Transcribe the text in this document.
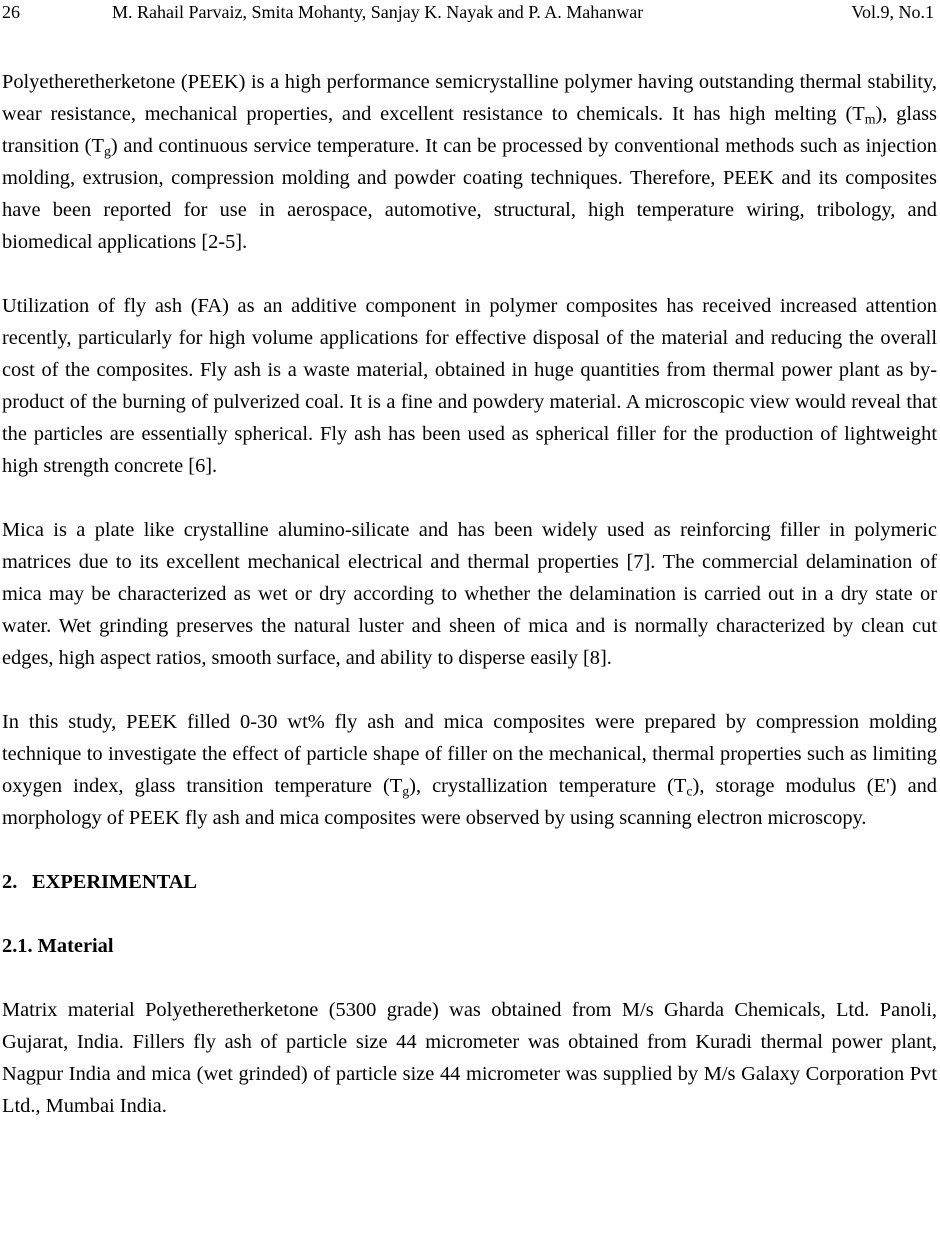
26	M. Rahail Parvaiz, Smita Mohanty, Sanjay K. Nayak and P. A. Mahanwar	Vol.9, No.1

Polyetheretherketone (PEEK) is a high performance semicrystalline polymer having outstanding thermal stability, wear resistance, mechanical properties, and excellent resistance to chemicals. It has high melting $(T_m)$, glass transition $(T_g)$ and continuous service temperature. It can be processed by conventional methods such as injection molding, extrusion, compression molding and powder coating techniques. Therefore, PEEK and its composites have been reported for use in aerospace, automotive, structural, high temperature wiring, tribology, and biomedical applications [2-5].

Utilization of fly ash (FA) as an additive component in polymer composites has received increased attention recently, particularly for high volume applications for effective disposal of the material and reducing the overall cost of the composites. Fly ash is a waste material, obtained in huge quantities from thermal power plant as by-product of the burning of pulverized coal. It is a fine and powdery material. A microscopic view would reveal that the particles are essentially spherical. Fly ash has been used as spherical filler for the production of lightweight high strength concrete [6].

Mica is a plate like crystalline alumino-silicate and has been widely used as reinforcing filler in polymeric matrices due to its excellent mechanical electrical and thermal properties [7]. The commercial delamination of mica may be characterized as wet or dry according to whether the delamination is carried out in a dry state or water. Wet grinding preserves the natural luster and sheen of mica and is normally characterized by clean cut edges, high aspect ratios, smooth surface, and ability to disperse easily [8].

In this study, PEEK filled 0-30 wt% fly ash and mica composites were prepared by compression molding technique to investigate the effect of particle shape of filler on the mechanical, thermal properties such as limiting oxygen index, glass transition temperature $(T_g)$, crystallization temperature $(T_c)$, storage modulus (E') and morphology of PEEK fly ash and mica composites were observed by using scanning electron microscopy.

2. EXPERIMENTAL
2.1. Material

Matrix material Polyetheretherketone (5300 grade) was obtained from M/s Gharda Chemicals, Ltd. Panoli, Gujarat, India. Fillers fly ash of particle size 44 micrometer was obtained from Kuradi thermal power plant, Nagpur India and mica (wet grinded) of particle size 44 micrometer was supplied by M/s Galaxy Corporation Pvt Ltd., Mumbai India.
